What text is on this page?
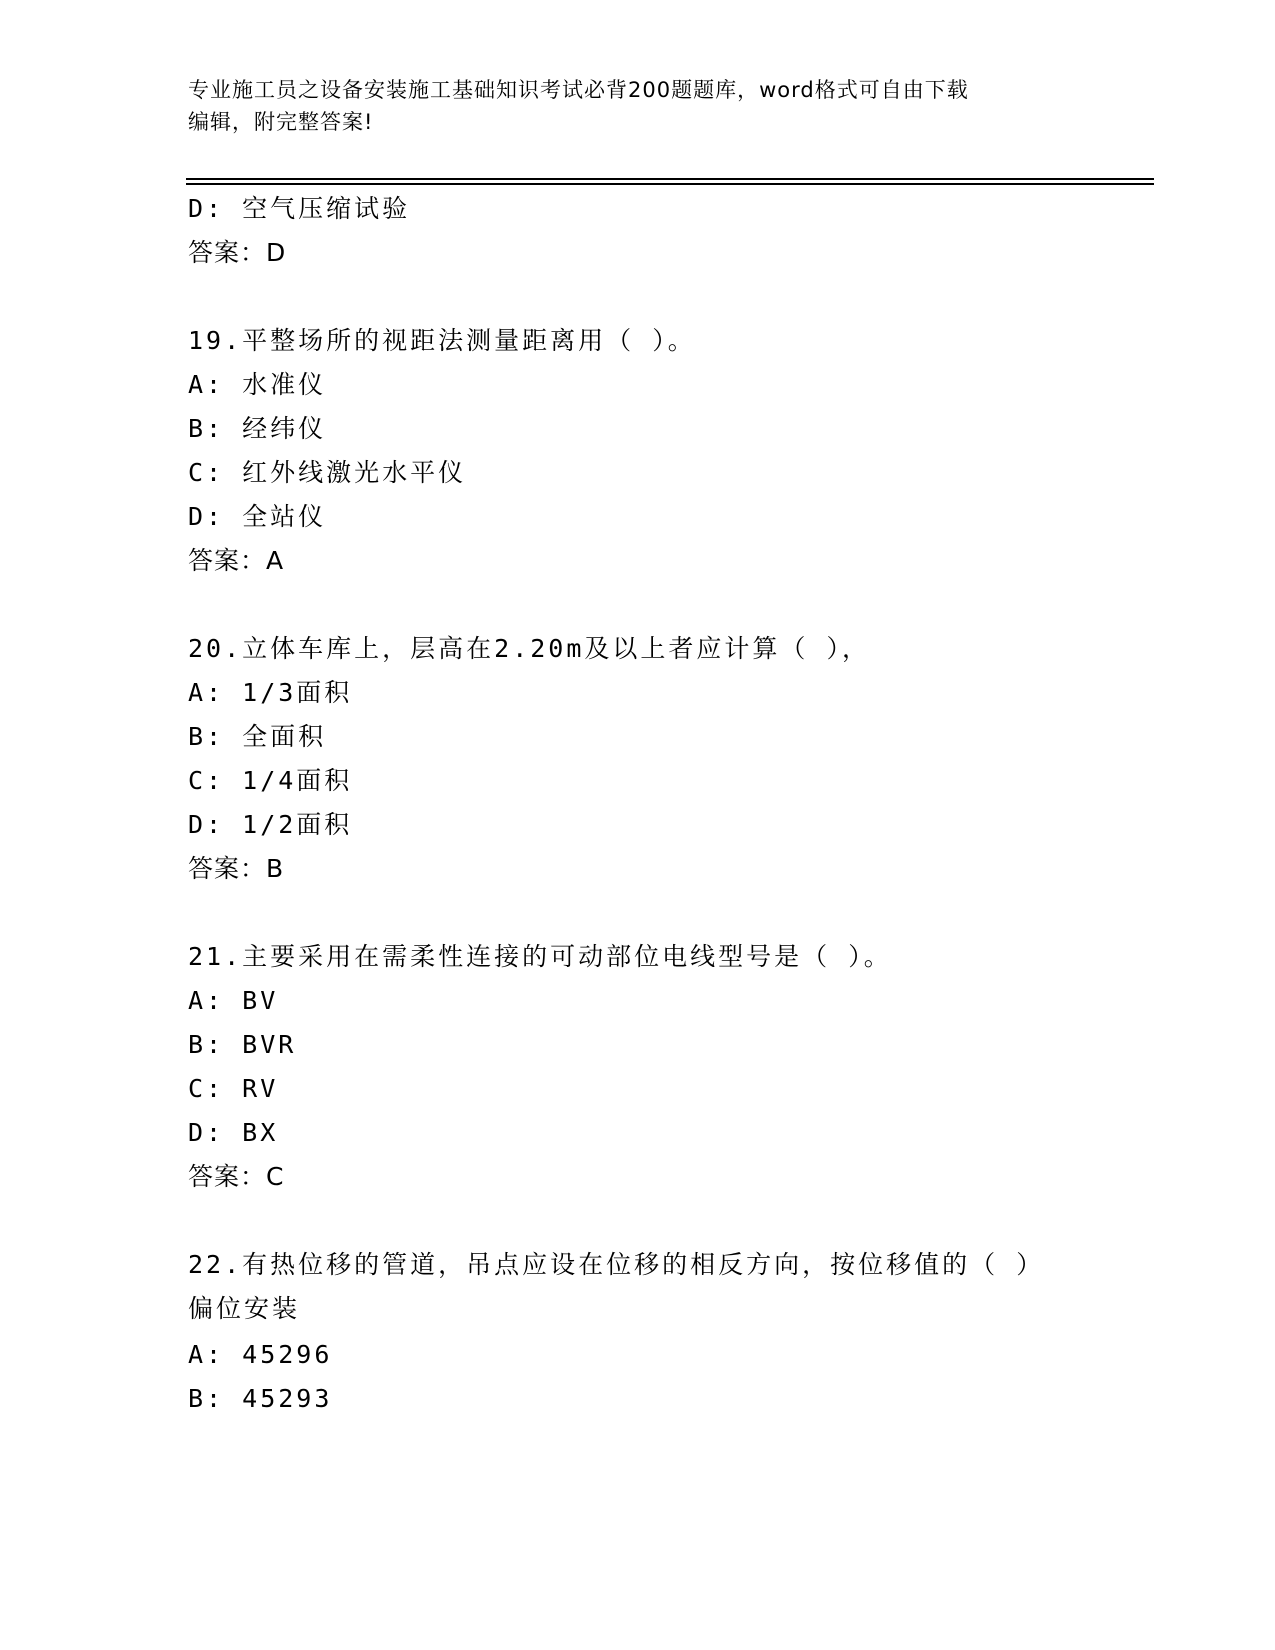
专业施工员之设备安装施工基础知识考试必背200题题库，word格式可自由下载
编辑，附完整答案!
D: 空气压缩试验
答案：D
19.平整场所的视距法测量距离用（ ）。
A: 水准仪
B: 经纬仪
C: 红外线激光水平仪
D: 全站仪
答案：A
20.立体车库上，层高在2.20m及以上者应计算（ ），
A: 1/3面积
B: 全面积
C: 1/4面积
D: 1/2面积
答案：B
21.主要采用在需柔性连接的可动部位电线型号是（ ）。
A: BV
B: BVR
C: RV
D: BX
答案：C
22.有热位移的管道，吊点应设在位移的相反方向，按位移值的（ ）
偏位安装
A: 45296
B: 45293
